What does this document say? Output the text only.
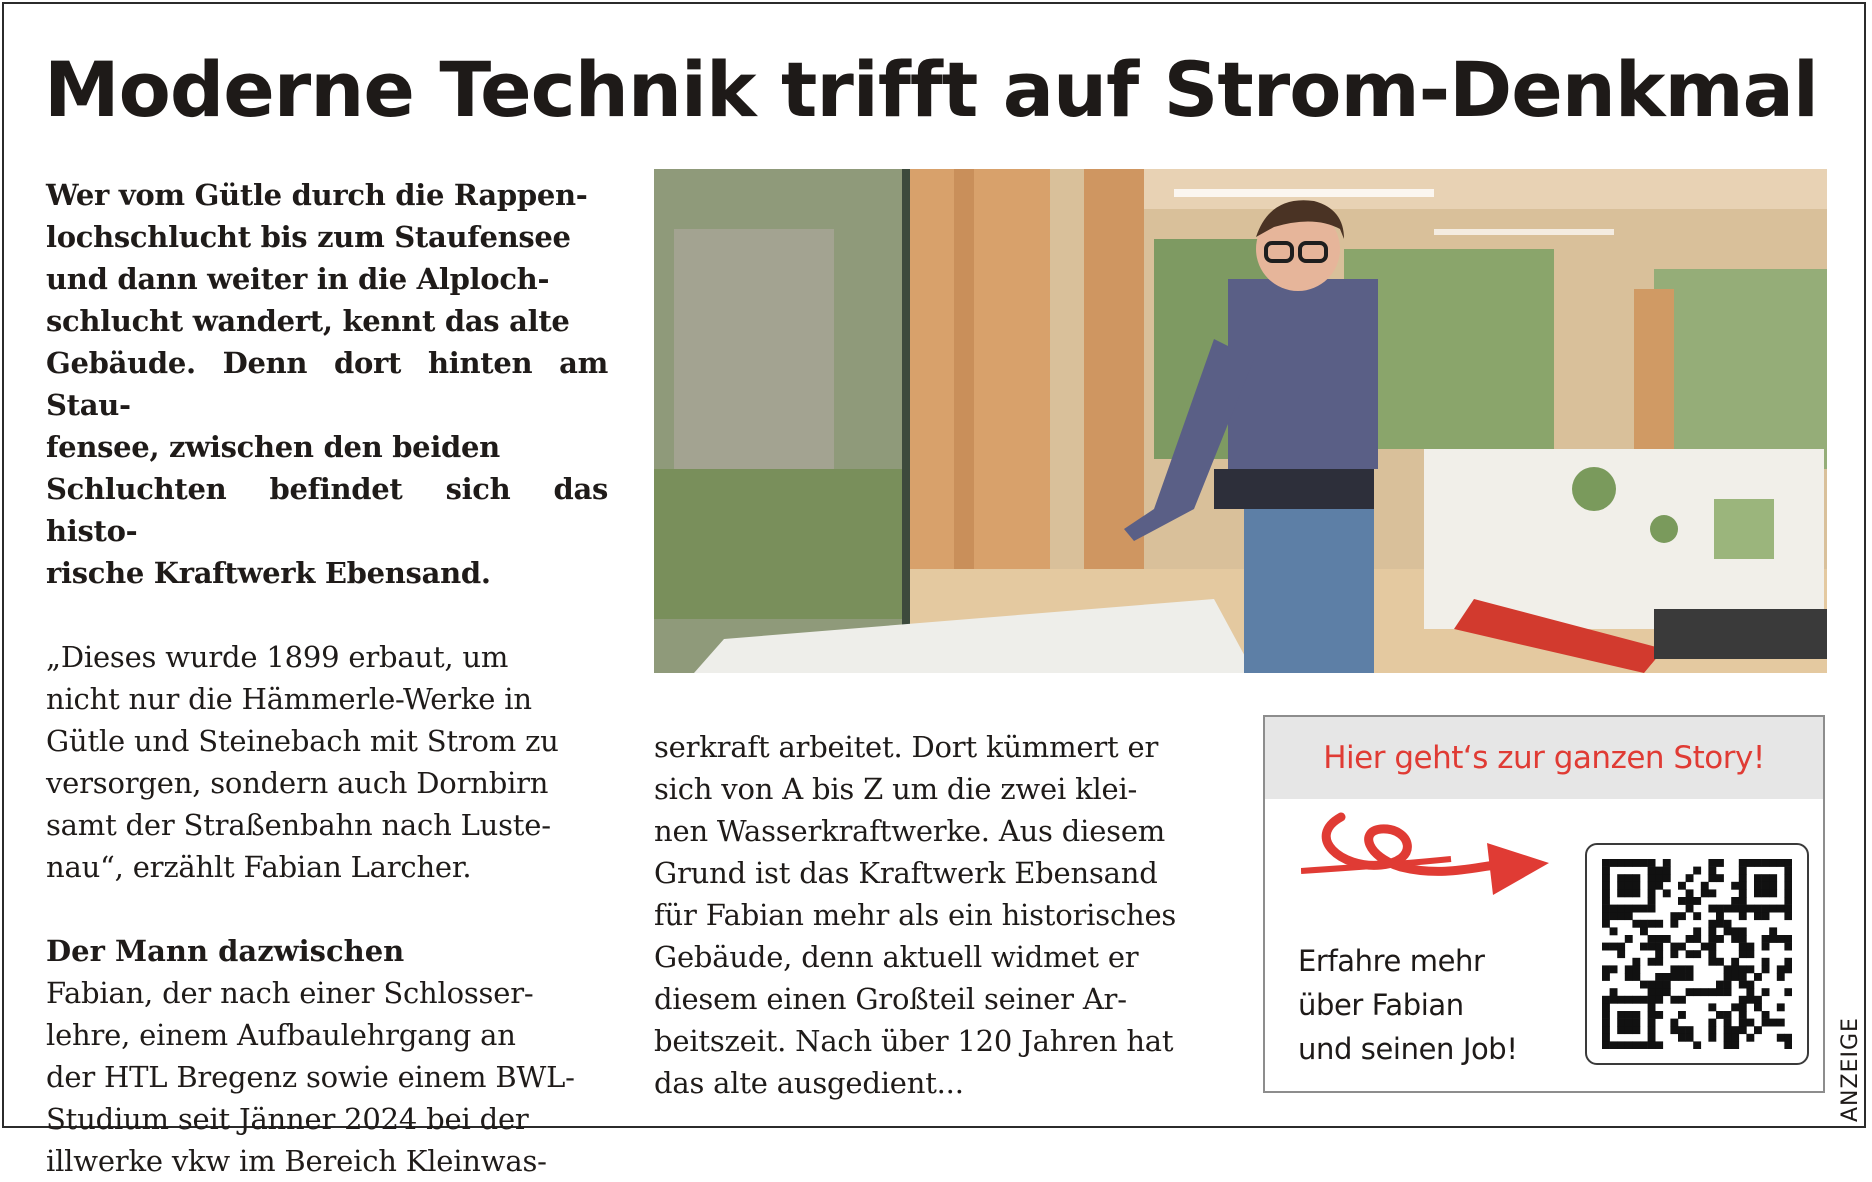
Moderne Technik trifft auf Strom-Denkmal

Wer vom Gütle durch die Rappen-

lochschlucht bis zum Staufensee

und dann weiter in die Alploch-

schlucht wandert, kennt das alte

Gebäude. Denn dort hinten am Stau-

fensee, zwischen den beiden

Schluchten befindet sich das histo-

rische Kraftwerk Ebensand.

„Dieses wurde 1899 erbaut, um

nicht nur die Hämmerle-Werke in

Gütle und Steinebach mit Strom zu

versorgen, sondern auch Dornbirn

samt der Straßenbahn nach Luste-

nau“, erzählt Fabian Larcher.

Der Mann dazwischen

Fabian, der nach einer Schlosser-

lehre, einem Aufbaulehrgang an

der HTL Bregenz sowie einem BWL-

Studium seit Jänner 2024 bei der

illwerke vkw im Bereich Kleinwas-

serkraft arbeitet. Dort kümmert er

sich von A bis Z um die zwei klei-

nen Wasserkraftwerke. Aus diesem

Grund ist das Kraftwerk Ebensand

für Fabian mehr als ein historisches

Gebäude, denn aktuell widmet er

diesem einen Großteil seiner Ar-

beitszeit. Nach über 120 Jahren hat

das alte ausgedient...

Hier geht‘s zur ganzen Story!
Erfahre mehr
über Fabian
und seinen Job!	ANZEIGE
